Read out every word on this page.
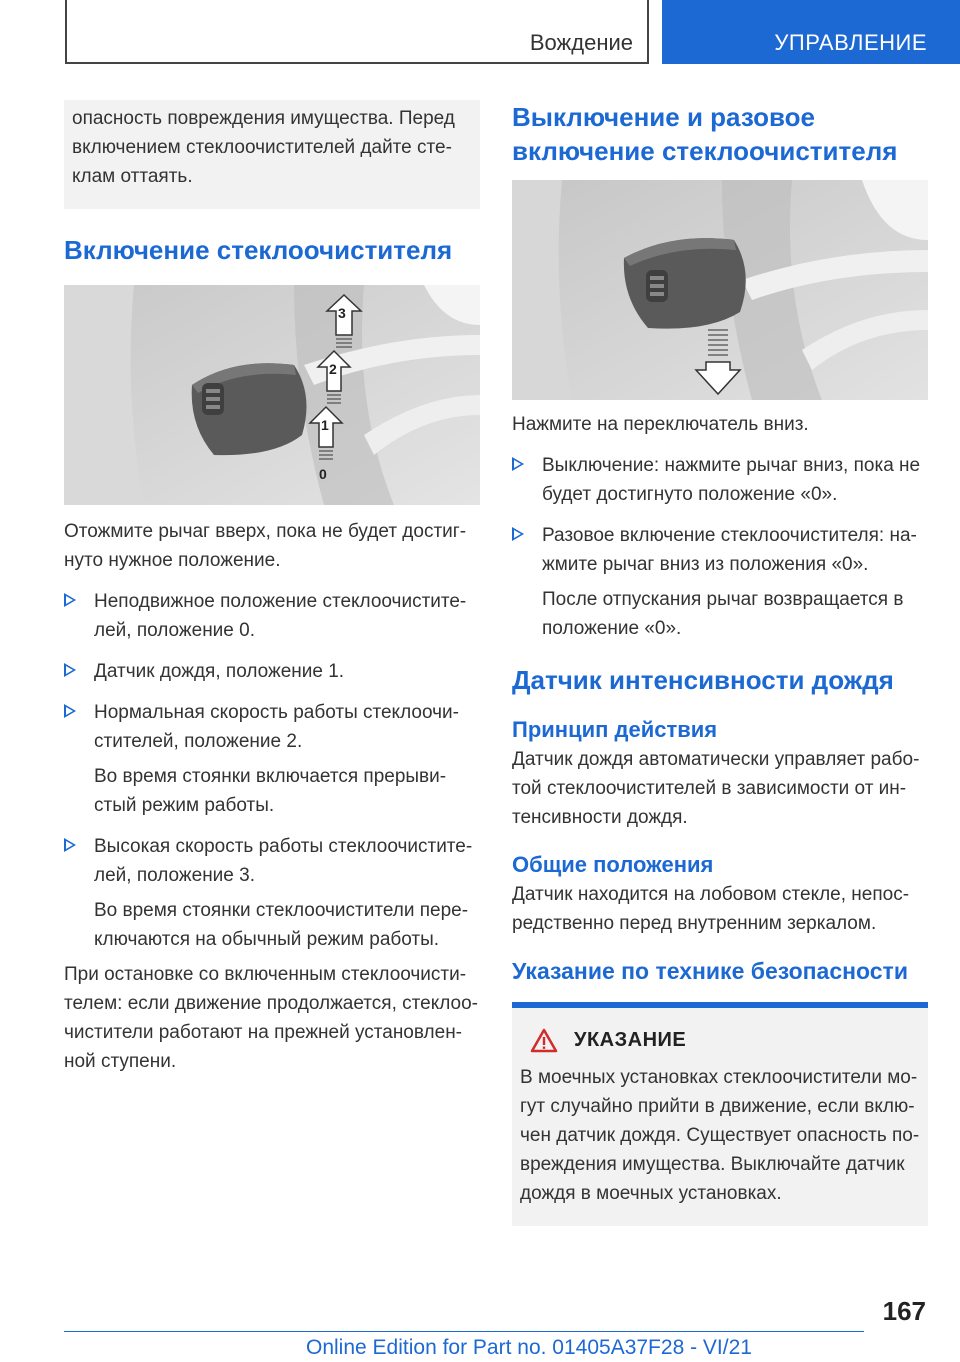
Вождение	УПРАВЛЕНИЕ
опасность повреждения имущества. Перед
включением стеклоочистителей дайте сте-
клам оттаять.
Включение стеклоочистителя
3
2
1
0

Отожмите рычаг вверх, пока не будет достиг-
нуто нужное положение.

Неподвижное положение стеклоочистите-
лей, положение 0.

Датчик дождя, положение 1.

Нормальная скорость работы стеклоочи-
стителей, положение 2.

Во время стоянки включается прерыви-
стый режим работы.

Высокая скорость работы стеклоочистите-
лей, положение 3.

Во время стоянки стеклоочистители пере-
ключаются на обычный режим работы.

При остановке со включенным стеклоочисти-
телем: если движение продолжается, стеклоо-
чистители работают на прежней установлен-
ной ступени.

Выключение и разовое
включение стеклоочистителя

Нажмите на переключатель вниз.

Выключение: нажмите рычаг вниз, пока не
будет достигнуто положение «0».

Разовое включение стеклоочистителя: на-
жмите рычаг вниз из положения «0».

После отпускания рычаг возвращается в
положение «0».

Датчик интенсивности дождя
Принцип действия

Датчик дождя автоматически управляет рабо-
той стеклоочистителей в зависимости от ин-
тенсивности дождя.

Общие положения

Датчик находится на лобовом стекле, непос-
редственно перед внутренним зеркалом.

Указание по технике безопасности
УКАЗАНИЕ

В моечных установках стеклоочистители мо-
гут случайно прийти в движение, если вклю-
чен датчик дождя. Существует опасность по-
вреждения имущества. Выключайте датчик
дождя в моечных установках.

167
Online Edition for Part no. 01405A37F28 - VI/21
